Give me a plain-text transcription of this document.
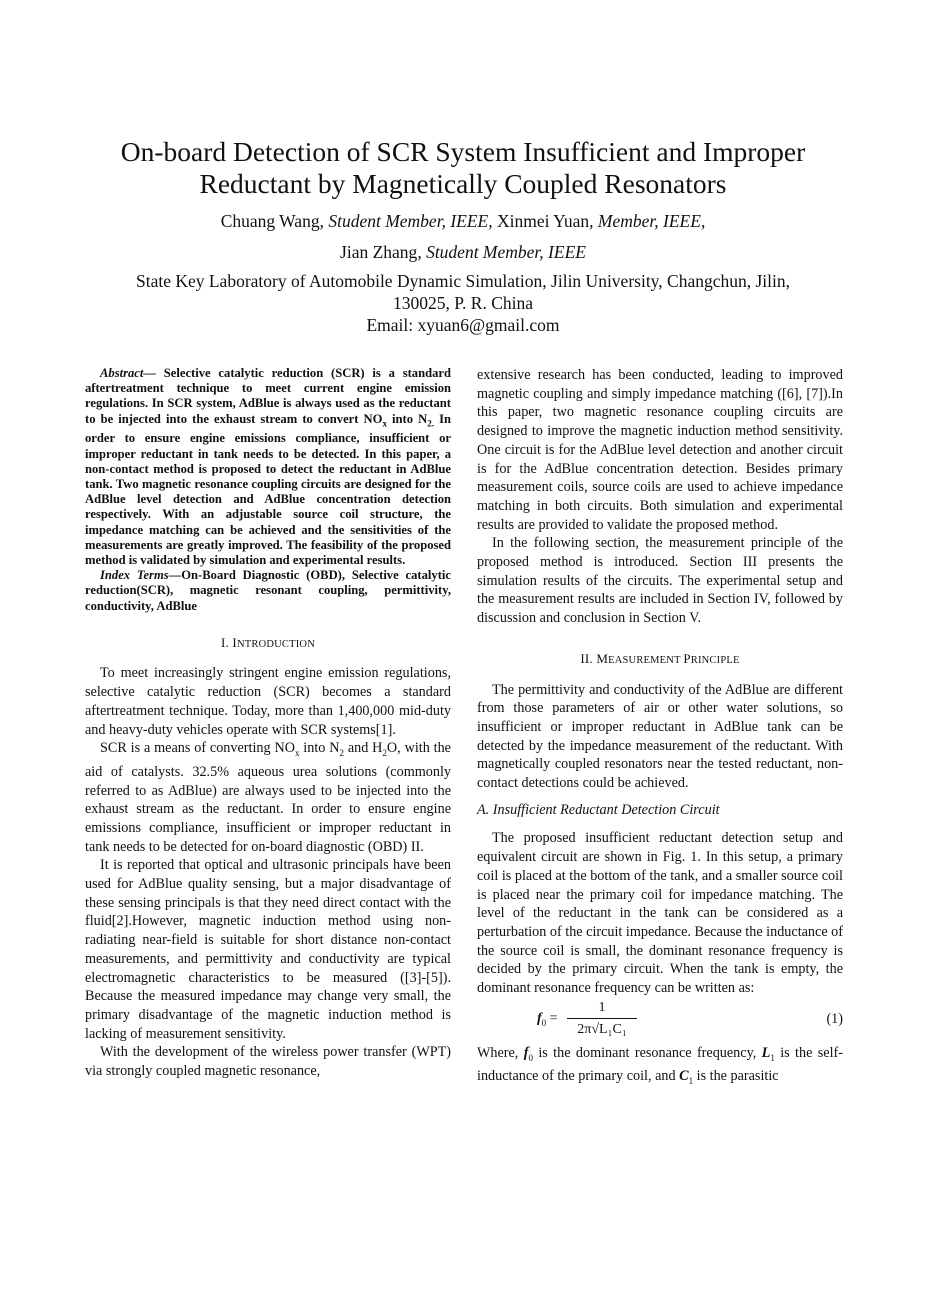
On-board Detection of SCR System Insufficient and Improper
Reductant by Magnetically Coupled Resonators
Chuang Wang, Student Member, IEEE, Xinmei Yuan, Member, IEEE,
Jian Zhang, Student Member, IEEE
State Key Laboratory of Automobile Dynamic Simulation, Jilin University, Changchun, Jilin,
130025, P. R. China
Email: xyuan6@gmail.com

Abstract— Selective catalytic reduction (SCR) is a standard aftertreatment technique to meet current engine emission regulations. In SCR system, AdBlue is always used as the reductant to be injected into the exhaust stream to convert $NO_x$ into $N_{2.}$ In order to ensure engine emissions compliance, insufficient or improper reductant in tank needs to be detected. In this paper, a non-contact method is proposed to detect the reductant in AdBlue tank. Two magnetic resonance coupling circuits are designed for the AdBlue level detection and AdBlue concentration detection respectively. With an adjustable source coil structure, the impedance matching can be achieved and the sensitivities of the measurements are greatly improved. The feasibility of the proposed method is validated by simulation and experimental results.

Index Terms—On-Board Diagnostic (OBD), Selective catalytic reduction(SCR), magnetic resonant coupling, permittivity, conductivity, AdBlue

I. INTRODUCTION

To meet increasingly stringent engine emission regulations, selective catalytic reduction (SCR) becomes a standard aftertreatment technique. Today, more than 1,400,000 mid-duty and heavy-duty vehicles operate with SCR systems[1].

SCR is a means of converting $NO_x$ into $N_2$ and $H_2O$, with the aid of catalysts. 32.5% aqueous urea solutions (commonly referred to as AdBlue) are always used to be injected into the exhaust stream as the reductant. In order to ensure engine emissions compliance, insufficient or improper reductant in tank needs to be detected for on-board diagnostic (OBD) II.

It is reported that optical and ultrasonic principals have been used for AdBlue quality sensing, but a major disadvantage of these sensing principals is that they need direct contact with the fluid[2].However, magnetic induction method using non-radiating near-field is suitable for short distance non-contact measurements, and permittivity and conductivity are typical electromagnetic characteristics to be measured ([3]-[5]). Because the measured impedance may change very small, the primary disadvantage of the magnetic induction method is lacking of measurement sensitivity.

With the development of the wireless power transfer (WPT) via strongly coupled magnetic resonance,

extensive research has been conducted, leading to improved magnetic coupling and simply impedance matching ([6], [7]).In this paper, two magnetic resonance coupling circuits are designed to improve the magnetic induction method sensitivity. One circuit is for the AdBlue level detection and another circuit is for the AdBlue concentration detection. Besides primary measurement coils, source coils are used to achieve impedance matching in both circuits. Both simulation and experimental results are provided to validate the proposed method.

In the following section, the measurement principle of the proposed method is introduced. Section III presents the simulation results of the circuits. The experimental setup and the measurement results are included in Section IV, followed by discussion and conclusion in Section V.

II. MEASUREMENT PRINCIPLE

The permittivity and conductivity of the AdBlue are different from those parameters of air or other water solutions, so insufficient or improper reductant in AdBlue tank can be detected by the impedance measurement of the reductant. With magnetically coupled resonators near the tested reductant, non-contact detections could be achieved.

A. Insufficient Reductant Detection Circuit

The proposed insufficient reductant detection setup and equivalent circuit are shown in Fig. 1. In this setup, a primary coil is placed at the bottom of the tank, and a smaller source coil is placed near the primary coil for impedance matching. The level of the reductant in the tank can be considered as a perturbation of the circuit impedance. Because the inductance of the source coil is small, the dominant resonance frequency is decided by the primary circuit. When the tank is empty, the dominant resonance frequency can be written as:

$f_0$ =
1
2π√L₁C₁
(1)

Where, $f_0$ is the dominant resonance frequency, $L_1$ is the self-inductance of the primary coil, and $C_1$ is the parasitic
